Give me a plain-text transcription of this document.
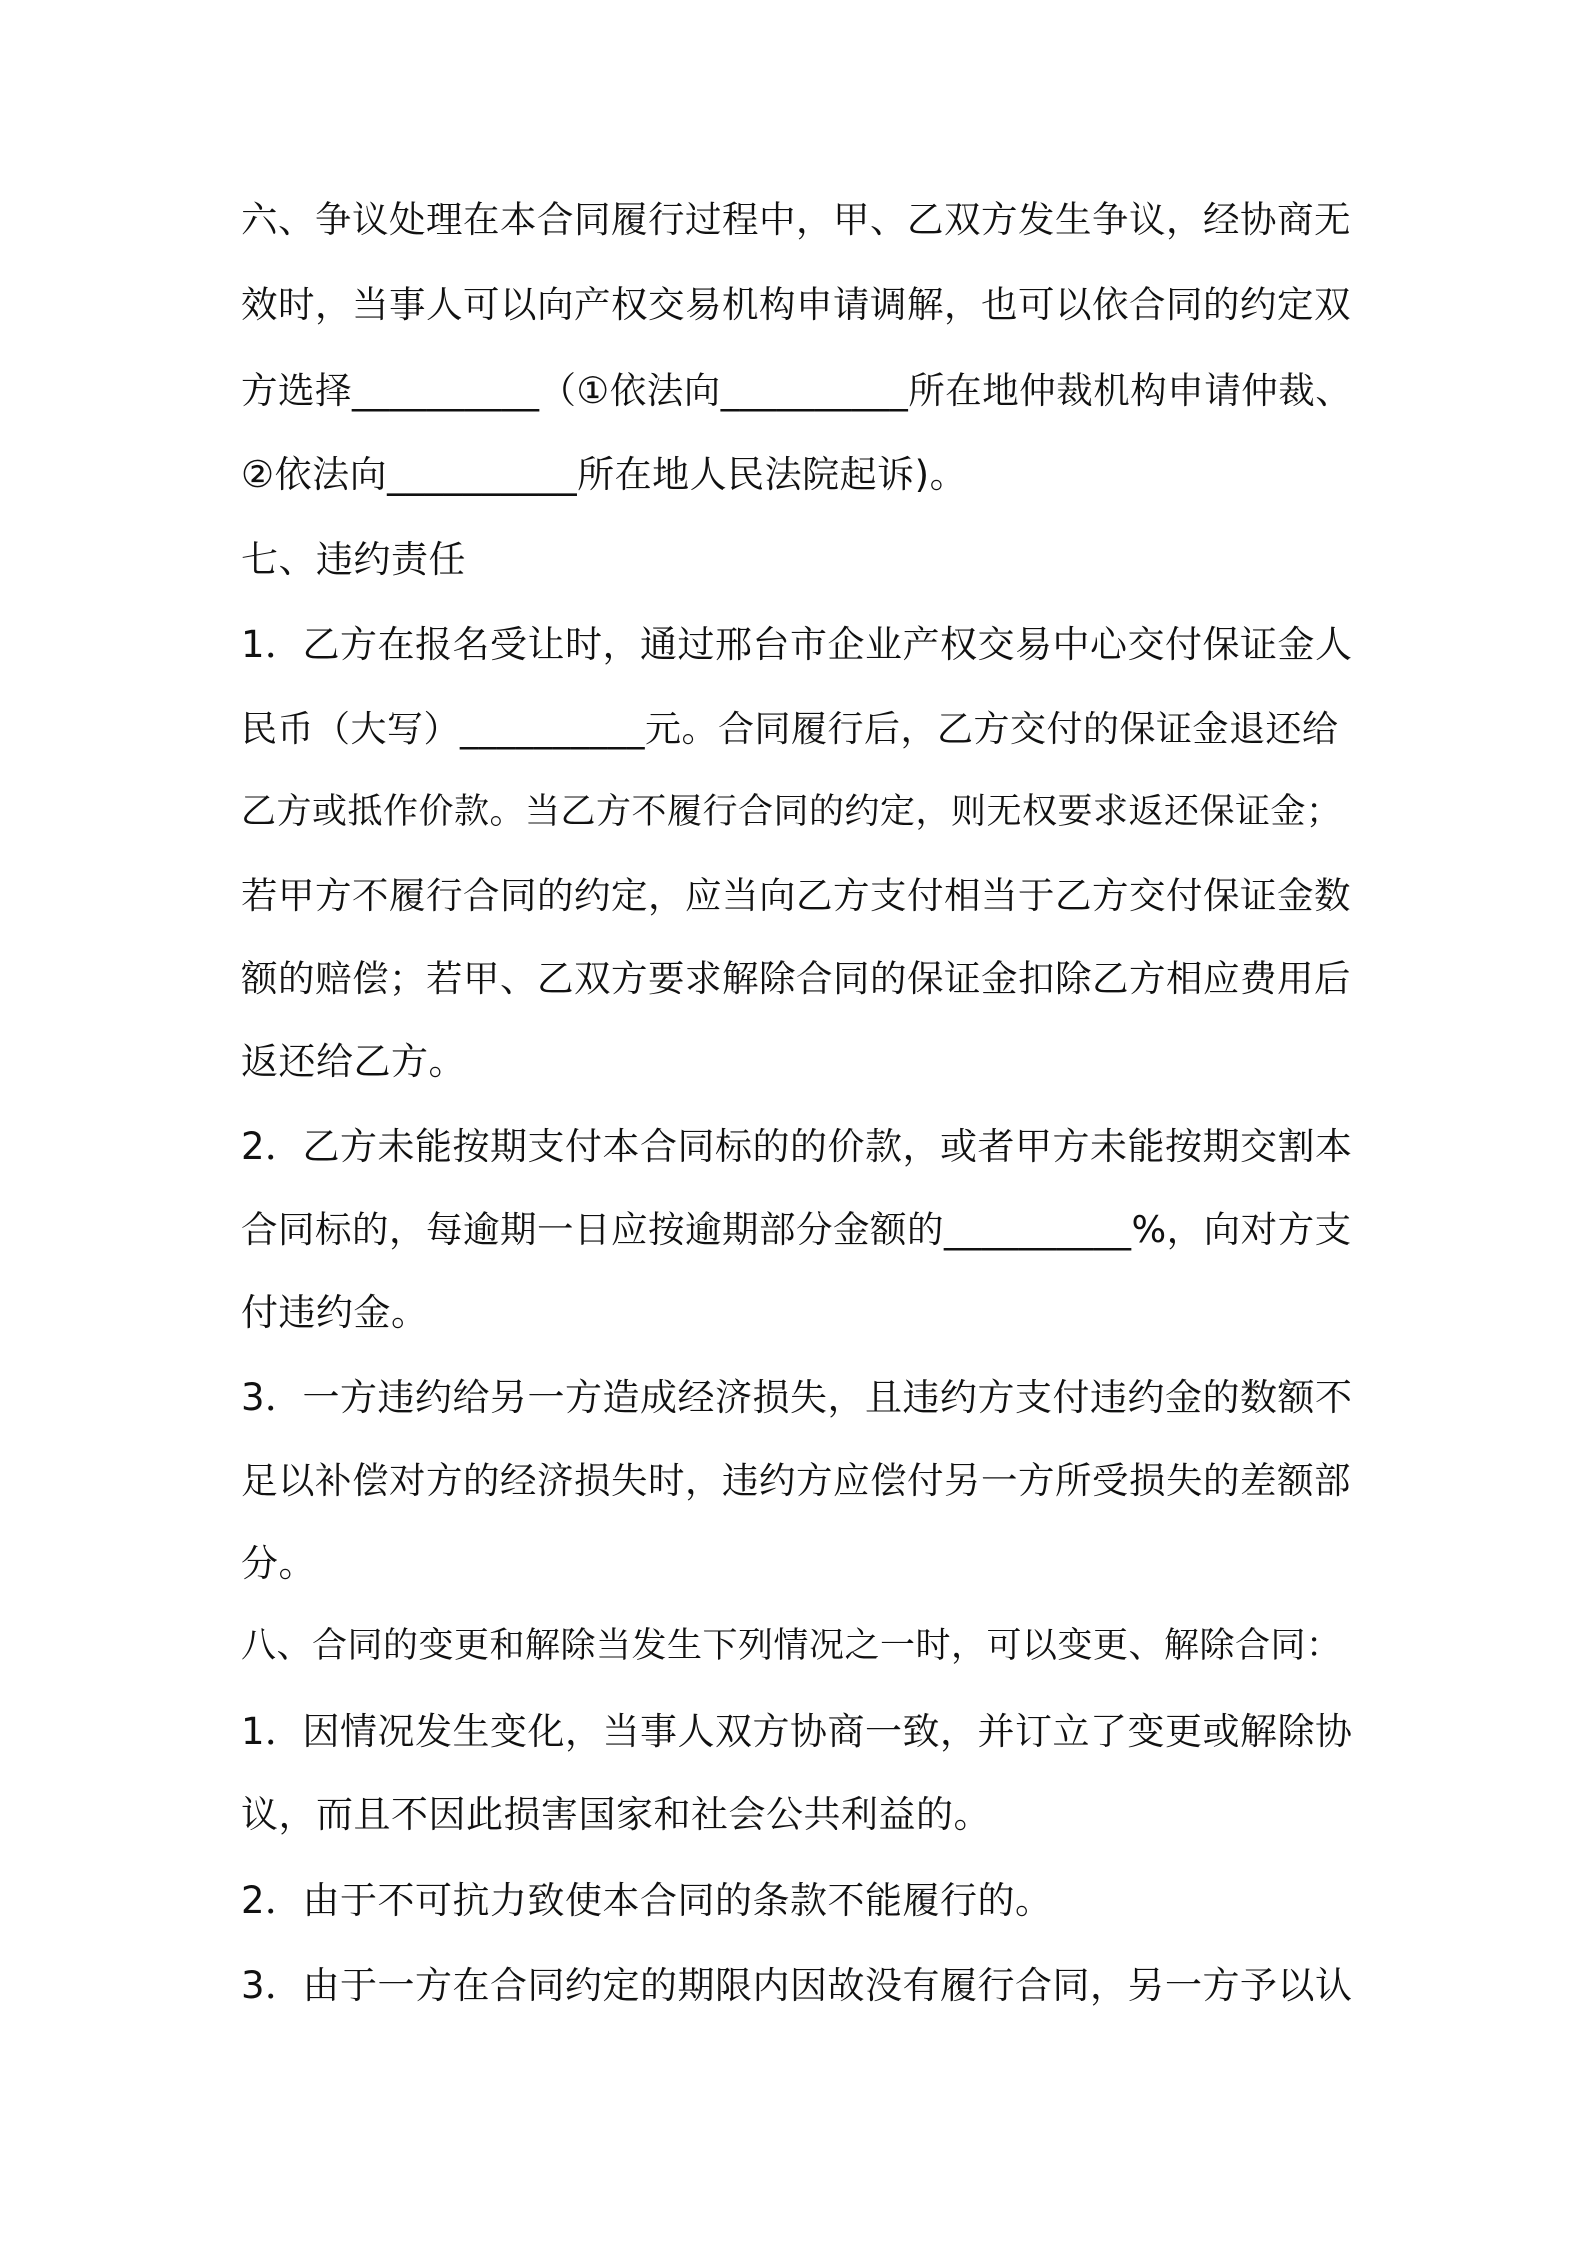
六、争议处理在本合同履行过程中，甲、乙双方发生争议，经协商无
效时，当事人可以向产权交易机构申请调解，也可以依合同的约定双
方选择__________（①依法向__________所在地仲裁机构申请仲裁、
②依法向__________所在地人民法院起诉)。
七、违约责任
1．乙方在报名受让时，通过邢台市企业产权交易中心交付保证金人
民币（大写）__________元。合同履行后，乙方交付的保证金退还给
乙方或抵作价款。当乙方不履行合同的约定，则无权要求返还保证金；
若甲方不履行合同的约定，应当向乙方支付相当于乙方交付保证金数
额的赔偿；若甲、乙双方要求解除合同的保证金扣除乙方相应费用后
返还给乙方。
2．乙方未能按期支付本合同标的的价款，或者甲方未能按期交割本
合同标的，每逾期一日应按逾期部分金额的__________%，向对方支
付违约金。
3．一方违约给另一方造成经济损失，且违约方支付违约金的数额不
足以补偿对方的经济损失时，违约方应偿付另一方所受损失的差额部
分。
八、合同的变更和解除当发生下列情况之一时，可以变更、解除合同：
1．因情况发生变化，当事人双方协商一致，并订立了变更或解除协
议，而且不因此损害国家和社会公共利益的。
2．由于不可抗力致使本合同的条款不能履行的。
3．由于一方在合同约定的期限内因故没有履行合同，另一方予以认
